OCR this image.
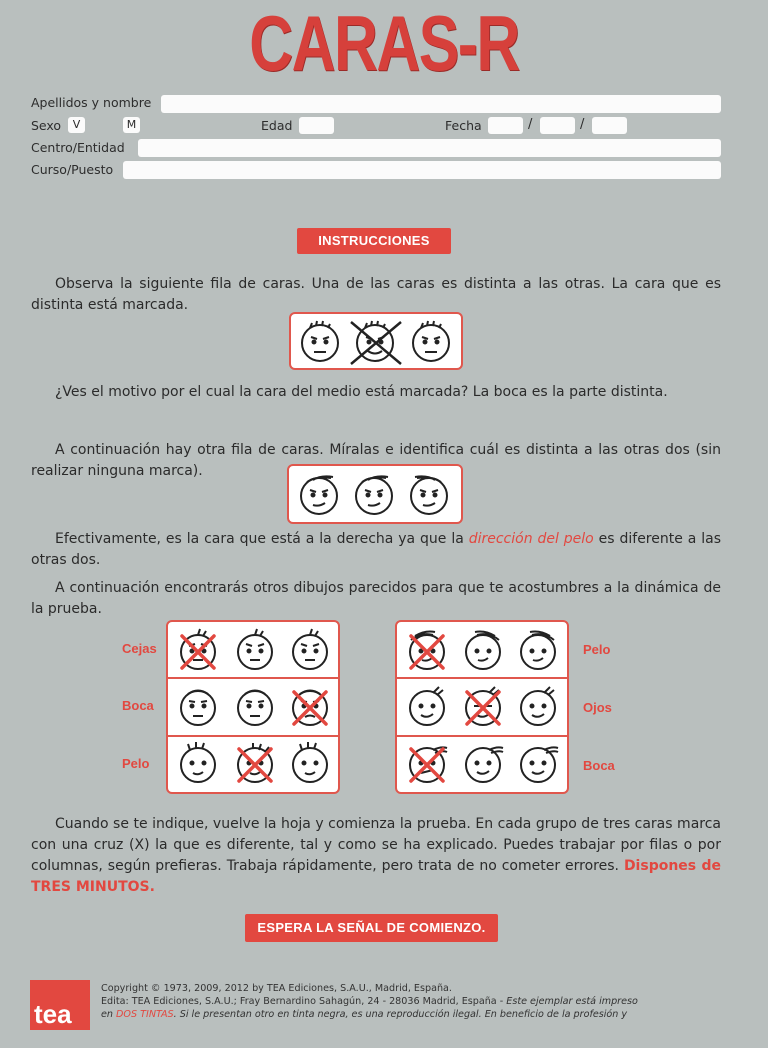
CARAS-R
Apellidos y nombre
Sexo	V	M	Edad	Fecha	/	/
Centro/Entidad
Curso/Puesto
INSTRUCCIONES

Observa la siguiente fila de caras. Una de las caras es distinta a las otras. La cara que es distinta está marcada.

¿Ves el motivo por el cual la cara del medio está marcada? La boca es la parte distinta.

A continuación hay otra fila de caras. Míralas e identifica cuál es distinta a las otras dos (sin realizar ninguna marca).

Efectivamente, es la cara que está a la derecha ya que la dirección del pelo es diferente a las otras dos.

A continuación encontrarás otros dibujos parecidos para que te acostumbres a la dinámica de la prueba.

Cejas
Boca
Pelo
Pelo
Ojos
Boca

Cuando se te indique, vuelve la hoja y comienza la prueba. En cada grupo de tres caras marca con una cruz (X) la que es diferente, tal y como se ha explicado. Puedes trabajar por filas o por columnas, según prefieras. Trabaja rápidamente, pero trata de no cometer errores. Dispones de TRES MINUTOS.

ESPERA LA SEÑAL DE COMIENZO.
tea
Copyright © 1973, 2009, 2012 by TEA Ediciones, S.A.U., Madrid, España.
Edita: TEA Ediciones, S.A.U.; Fray Bernardino Sahagún, 24 - 28036 Madrid, España - Este ejemplar está impreso
en DOS TINTAS. Si le presentan otro en tinta negra, es una reproducción ilegal. En beneficio de la profesión y
